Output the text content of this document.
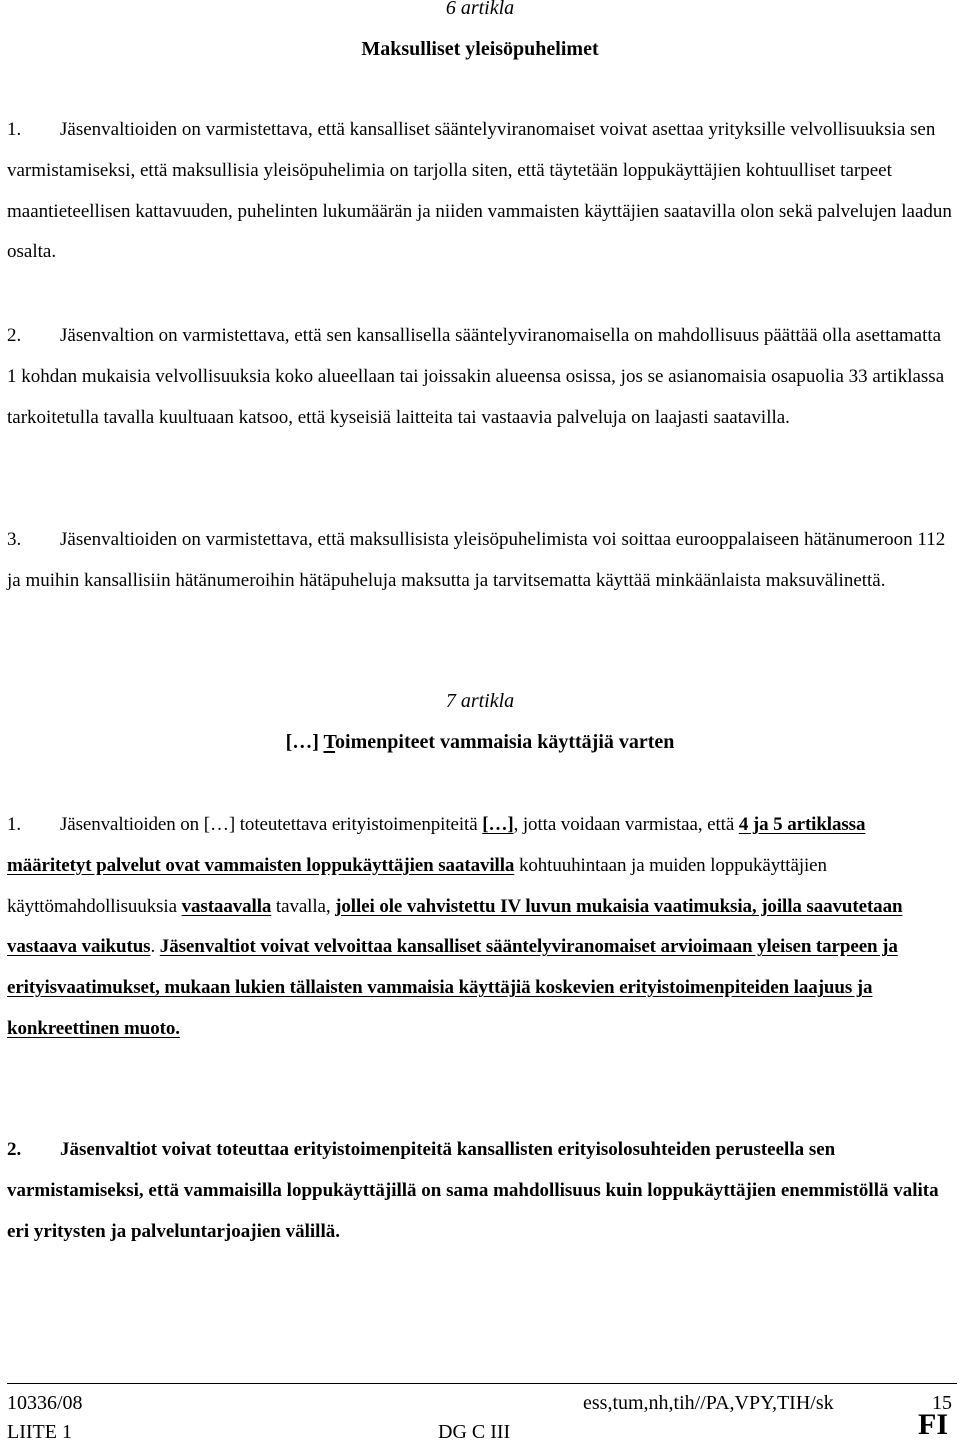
6 artikla
Maksulliset yleisöpuhelimet
1. Jäsenvaltioiden on varmistettava, että kansalliset sääntelyviranomaiset voivat asettaa yrityksille velvollisuuksia sen varmistamiseksi, että maksullisia yleisöpuhelimia on tarjolla siten, että täytetään loppukäyttäjien kohtuulliset tarpeet maantieteellisen kattavuuden, puhelinten lukumäärän ja niiden vammaisten käyttäjien saatavilla olon sekä palvelujen laadun osalta.
2. Jäsenvaltion on varmistettava, että sen kansallisella sääntelyviranomaisella on mahdollisuus päättää olla asettamatta 1 kohdan mukaisia velvollisuuksia koko alueellaan tai joissakin alueensa osissa, jos se asianomaisia osapuolia 33 artiklassa tarkoitetulla tavalla kuultuaan katsoo, että kyseisiä laitteita tai vastaavia palveluja on laajasti saatavilla.
3. Jäsenvaltioiden on varmistettava, että maksullisista yleisöpuhelimista voi soittaa eurooppalaiseen hätänumeroon 112 ja muihin kansallisiin hätänumeroihin hätäpuheluja maksutta ja tarvitsematta käyttää minkäänlaista maksuvälinettä.
7 artikla
[…] Toimenpiteet vammaisia käyttäjiä varten
1. Jäsenvaltioiden on […] toteutettava erityistoimenpiteitä […], jotta voidaan varmistaa, että 4 ja 5 artiklassa määritetyt palvelut ovat vammaisten loppukäyttäjien saatavilla kohtuuhintaan ja muiden loppukäyttäjien käyttömahdollisuuksia vastaavalla tavalla, jollei ole vahvistettu IV luvun mukaisia vaatimuksia, joilla saavutetaan vastaava vaikutus. Jäsenvaltiot voivat velvoittaa kansalliset sääntelyviranomaiset arvioimaan yleisen tarpeen ja erityisvaatimukset, mukaan lukien tällaisten vammaisia käyttäjiä koskevien erityistoimenpiteiden laajuus ja konkreettinen muoto.
2. Jäsenvaltiot voivat toteuttaa erityistoimenpiteitä kansallisten erityisolosuhteiden perusteella sen varmistamiseksi, että vammaisilla loppukäyttäjillä on sama mahdollisuus kuin loppukäyttäjien enemmistöllä valita eri yritysten ja palveluntarjoajien välillä.
10336/08
LIITE 1	DG C III
ess,tum,nh,tih//PA,VPY,TIH/sk	15
FI
